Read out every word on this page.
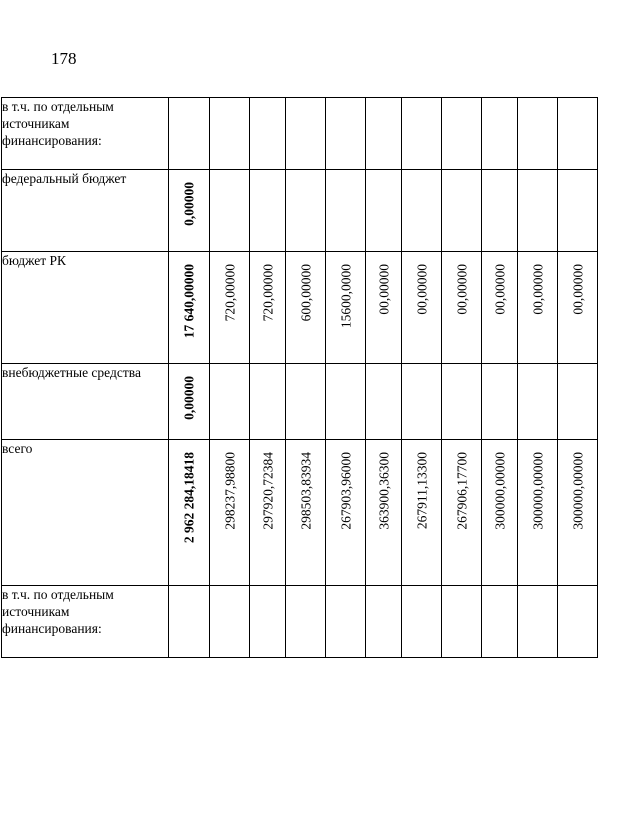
178
в т.ч. по отдельным источникам финансирования:	

федеральный бюджет	0,00000										

бюджет РК	17 640,00000	720,00000	720,00000	600,00000	15600,0000	00,00000	00,00000	00,00000	00,00000	00,00000	00,00000

внебюджетные средства	0,00000										

всего	2 962 284,18418	298237,98800	297920,72384	298503,83934	267903,96000	363900,36300	267911,13300	267906,17700	300000,00000	300000,00000	300000,00000

в т.ч. по отдельным источникам финансирования:	
